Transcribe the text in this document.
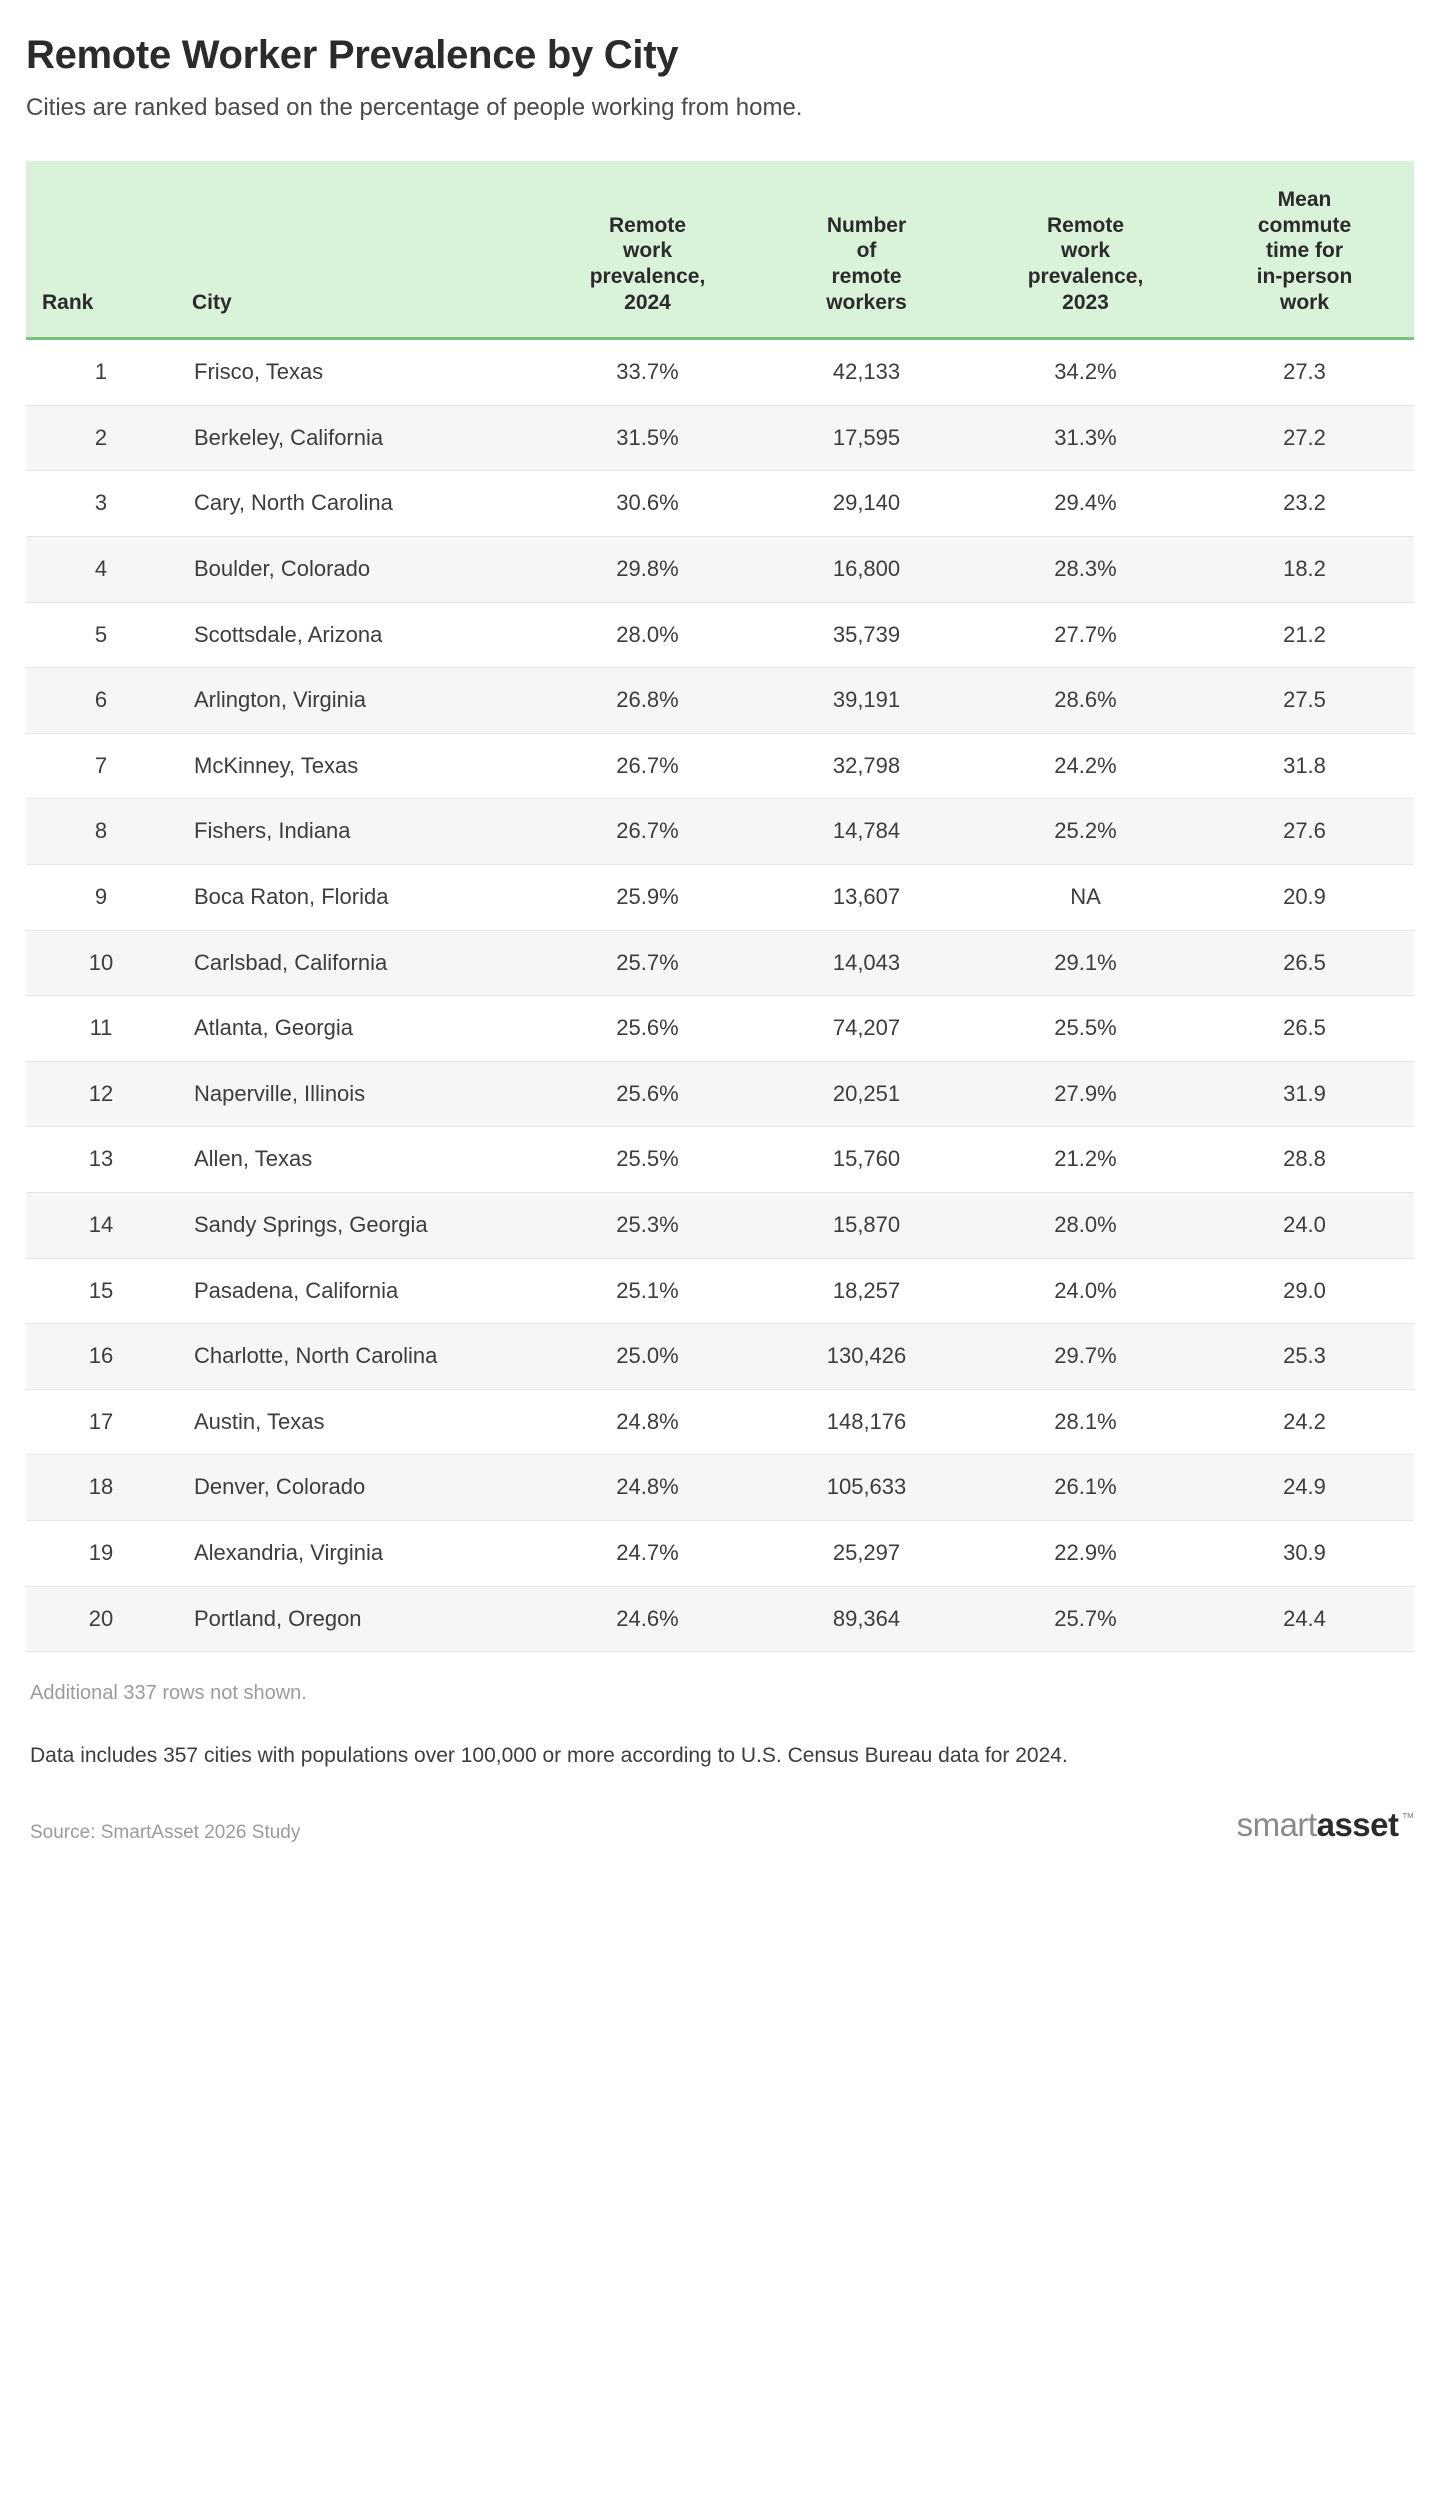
Remote Worker Prevalence by City

Cities are ranked based on the percentage of people working from home.

Rank	City	Remote
work
prevalence,
2024	Number
of
remote
workers	Remote
work
prevalence,
2023	Mean
commute
time for
in-person
work
1	Frisco, Texas	33.7%	42,133	34.2%	27.3
2	Berkeley, California	31.5%	17,595	31.3%	27.2
3	Cary, North Carolina	30.6%	29,140	29.4%	23.2
4	Boulder, Colorado	29.8%	16,800	28.3%	18.2
5	Scottsdale, Arizona	28.0%	35,739	27.7%	21.2
6	Arlington, Virginia	26.8%	39,191	28.6%	27.5
7	McKinney, Texas	26.7%	32,798	24.2%	31.8
8	Fishers, Indiana	26.7%	14,784	25.2%	27.6
9	Boca Raton, Florida	25.9%	13,607	NA	20.9
10	Carlsbad, California	25.7%	14,043	29.1%	26.5
11	Atlanta, Georgia	25.6%	74,207	25.5%	26.5
12	Naperville, Illinois	25.6%	20,251	27.9%	31.9
13	Allen, Texas	25.5%	15,760	21.2%	28.8
14	Sandy Springs, Georgia	25.3%	15,870	28.0%	24.0
15	Pasadena, California	25.1%	18,257	24.0%	29.0
16	Charlotte, North Carolina	25.0%	130,426	29.7%	25.3
17	Austin, Texas	24.8%	148,176	28.1%	24.2
18	Denver, Colorado	24.8%	105,633	26.1%	24.9
19	Alexandria, Virginia	24.7%	25,297	22.9%	30.9
20	Portland, Oregon	24.6%	89,364	25.7%	24.4
Additional 337 rows not shown.
Data includes 357 cities with populations over 100,000 or more according to U.S. Census Bureau data for 2024.
Source: SmartAsset 2026 Study	smart asset ™
